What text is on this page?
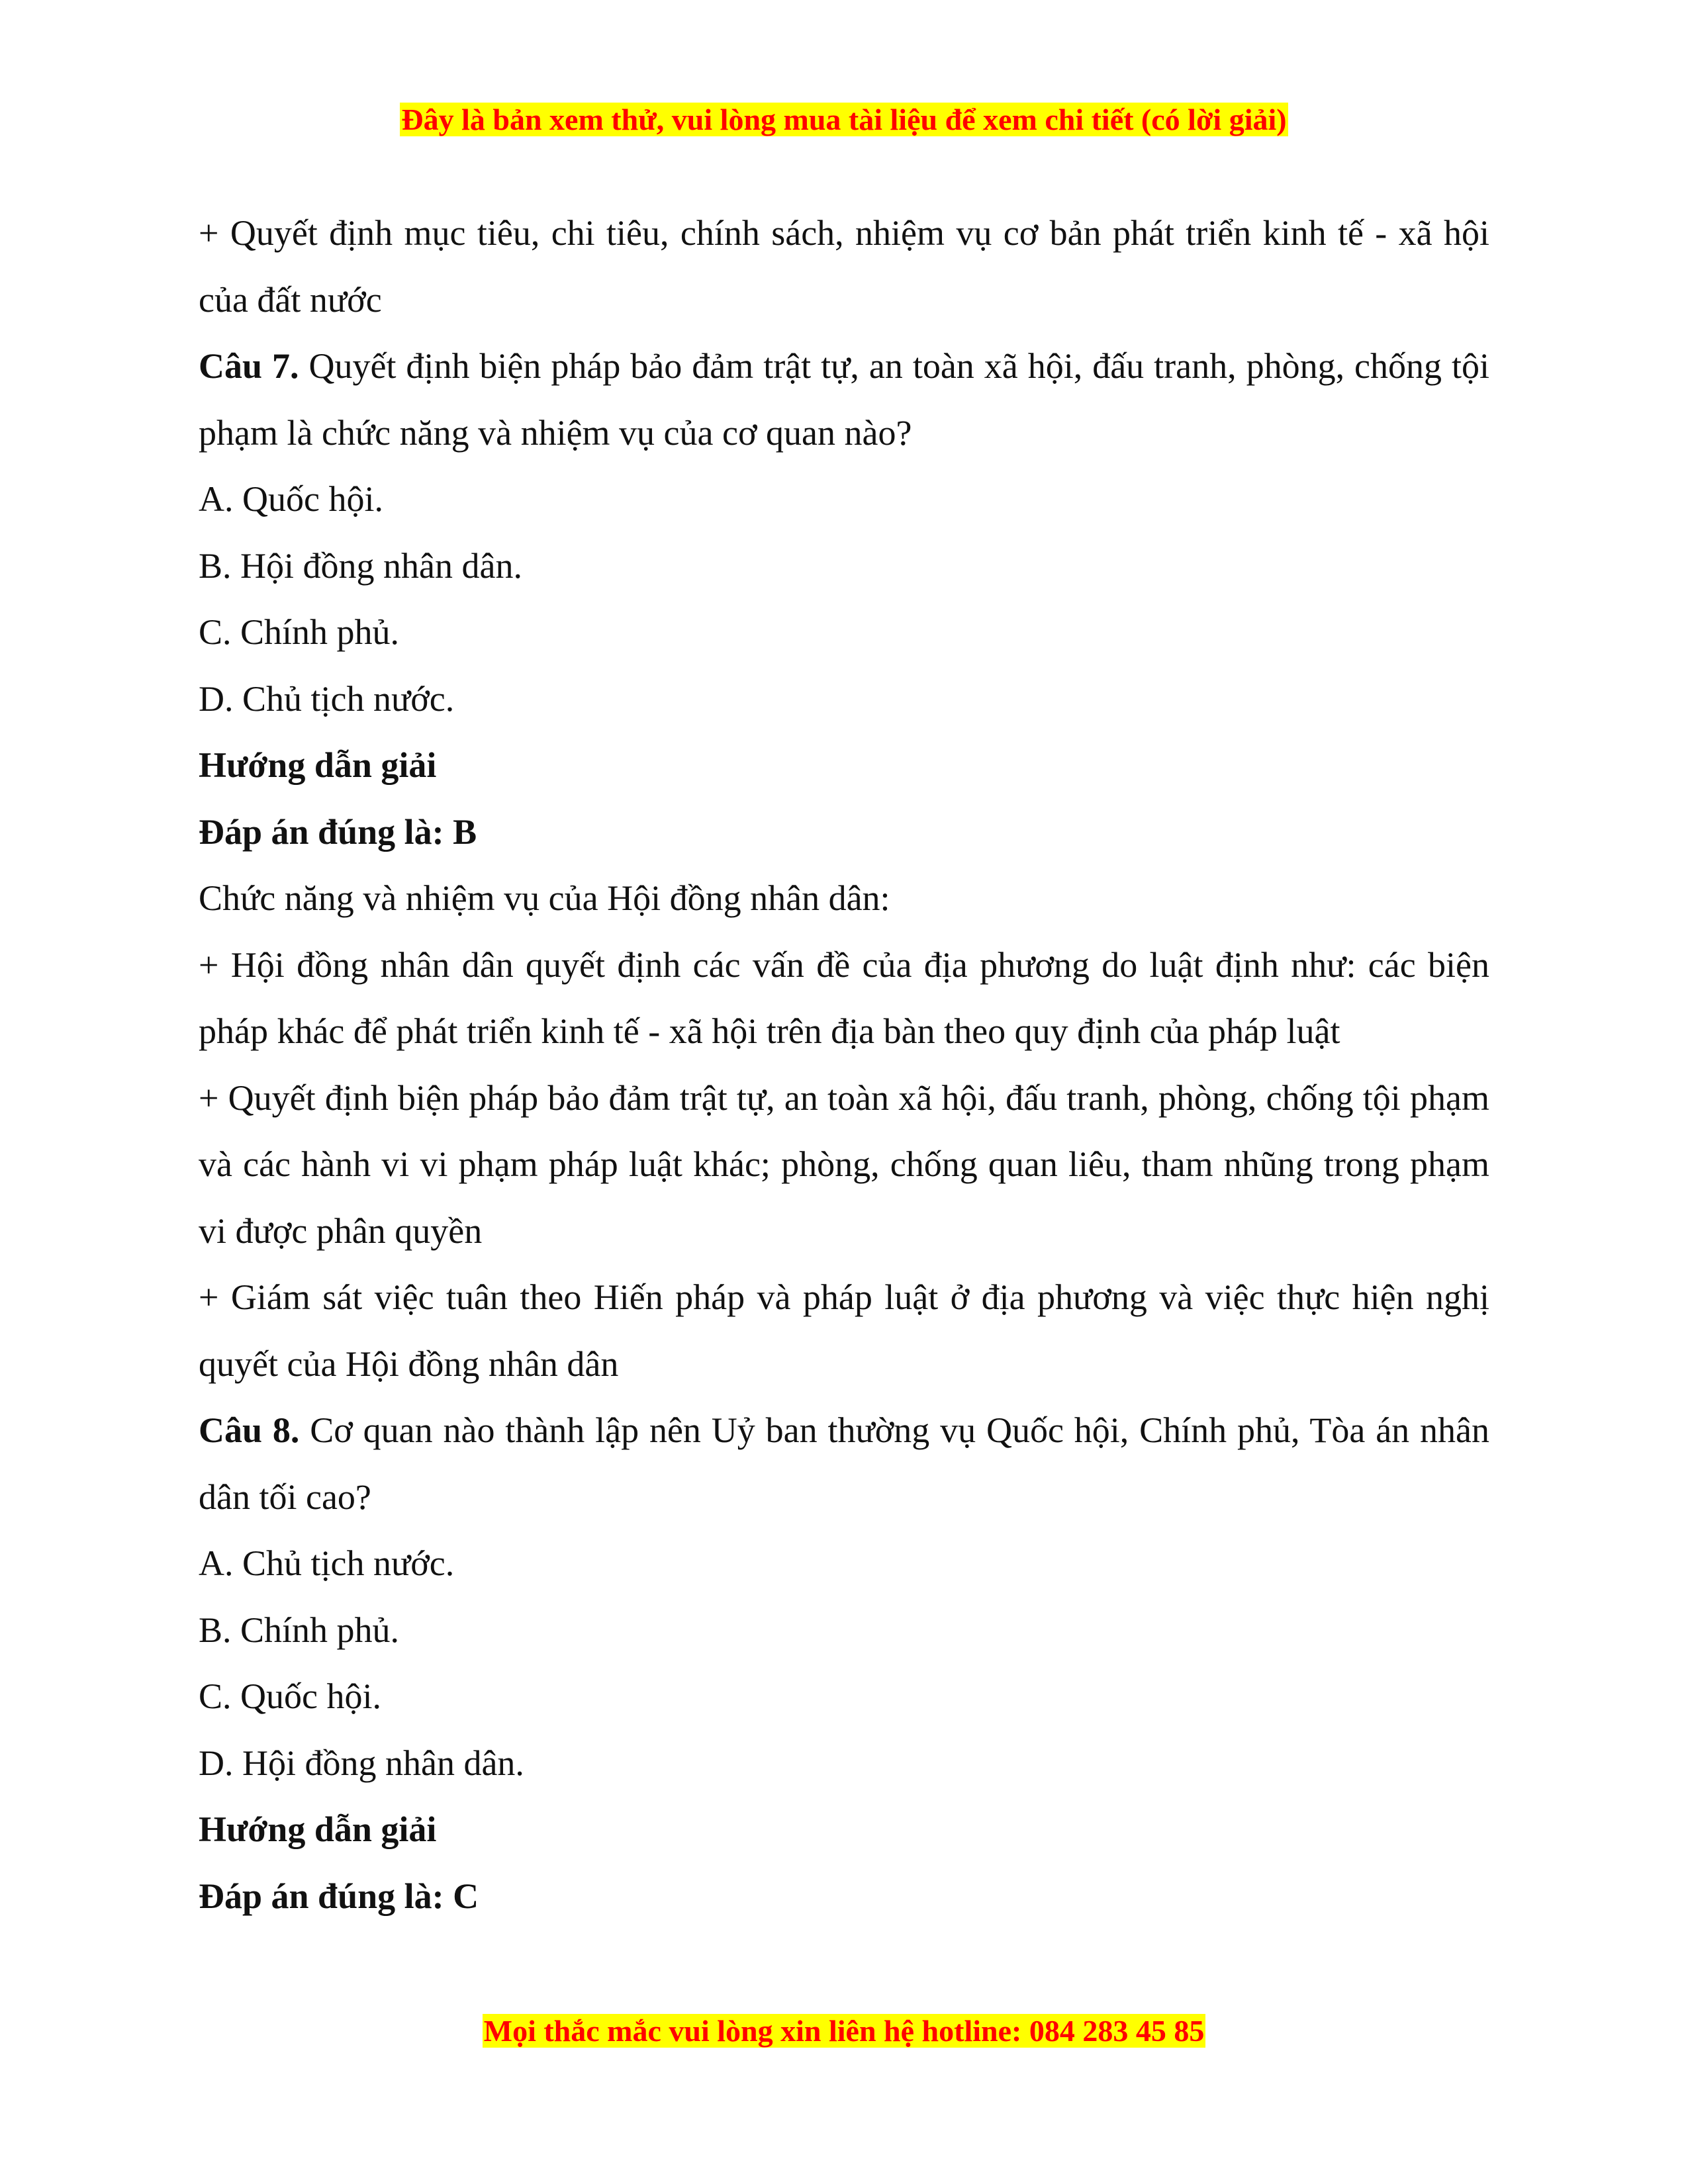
Đây là bản xem thử, vui lòng mua tài liệu để xem chi tiết (có lời giải)

+ Quyết định mục tiêu, chi tiêu, chính sách, nhiệm vụ cơ bản phát triển kinh tế - xã hội của đất nước

Câu 7. Quyết định biện pháp bảo đảm trật tự, an toàn xã hội, đấu tranh, phòng, chống tội phạm là chức năng và nhiệm vụ của cơ quan nào?

A. Quốc hội.

B. Hội đồng nhân dân.

C. Chính phủ.

D. Chủ tịch nước.

Hướng dẫn giải

Đáp án đúng là: B

Chức năng và nhiệm vụ của Hội đồng nhân dân:

+ Hội đồng nhân dân quyết định các vấn đề của địa phương do luật định như: các biện pháp khác để phát triển kinh tế - xã hội trên địa bàn theo quy định của pháp luật

+ Quyết định biện pháp bảo đảm trật tự, an toàn xã hội, đấu tranh, phòng, chống tội phạm và các hành vi vi phạm pháp luật khác; phòng, chống quan liêu, tham nhũng trong phạm vi được phân quyền

+ Giám sát việc tuân theo Hiến pháp và pháp luật ở địa phương và việc thực hiện nghị quyết của Hội đồng nhân dân

Câu 8. Cơ quan nào thành lập nên Uỷ ban thường vụ Quốc hội, Chính phủ, Tòa án nhân dân tối cao?

A. Chủ tịch nước.

B. Chính phủ.

C. Quốc hội.

D. Hội đồng nhân dân.

Hướng dẫn giải

Đáp án đúng là: C

Mọi thắc mắc vui lòng xin liên hệ hotline: 084 283 45 85
